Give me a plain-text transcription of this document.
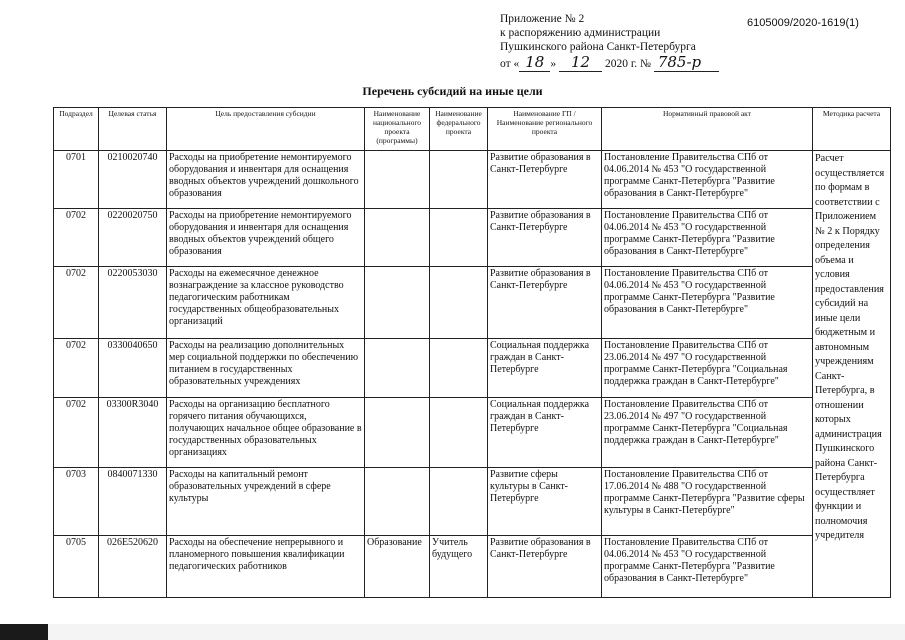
Приложение № 2
к распоряжению администрации
Пушкинского района Санкт-Петербурга
от « 18 » 12 2020 г. № 785-р
6105009/2020-1619(1)
Перечень субсидий на иные цели
Подраздел	Целевая статья	Цель предоставления субсидии	Наименование национального проекта (программы)	Наименование федерального проекта	Наименование ГП / Наименование регионального проекта	Нормативный правовой акт	Методика расчета
0701	0210020740	Расходы на приобретение немонтируемого оборудования и инвентаря для оснащения вводных объектов учреждений дошкольного образования			Развитие образования в Санкт-Петербурге	Постановление Правительства СПб от 04.06.2014 № 453 "О государственной программе Санкт-Петербурга "Развитие образования в Санкт-Петербурге"	Расчет осуществляется по формам в соответствии с Приложением № 2 к Порядку определения объема и условия предоставления субсидий на иные цели бюджетным и автономным учреждениям Санкт-Петербурга, в отношении которых администрация Пушкинского района Санкт-Петербурга осуществляет функции и полномочия учредителя
0702	0220020750	Расходы на приобретение немонтируемого оборудования и инвентаря для оснащения вводных объектов учреждений общего образования			Развитие образования в Санкт-Петербурге	Постановление Правительства СПб от 04.06.2014 № 453 "О государственной программе Санкт-Петербурга "Развитие образования в Санкт-Петербурге"	
0702	0220053030	Расходы на ежемесячное денежное вознаграждение за классное руководство педагогическим работникам государственных общеобразовательных организаций			Развитие образования в Санкт-Петербурге	Постановление Правительства СПб от 04.06.2014 № 453 "О государственной программе Санкт-Петербурга "Развитие образования в Санкт-Петербурге"	
0702	0330040650	Расходы на реализацию дополнительных мер социальной поддержки по обеспечению питанием в государственных образовательных учреждениях			Социальная поддержка граждан в Санкт-Петербурге	Постановление Правительства СПб от 23.06.2014 № 497 "О государственной программе Санкт-Петербурга "Социальная поддержка граждан в Санкт-Петербурге"	
0702	03300R3040	Расходы на организацию бесплатного горячего питания обучающихся, получающих начальное общее образование в государственных образовательных организациях			Социальная поддержка граждан в Санкт-Петербурге	Постановление Правительства СПб от 23.06.2014 № 497 "О государственной программе Санкт-Петербурга "Социальная поддержка граждан в Санкт-Петербурге"	
0703	0840071330	Расходы на капитальный ремонт образовательных учреждений в сфере культуры			Развитие сферы культуры в Санкт-Петербурге	Постановление Правительства СПб от 17.06.2014 № 488 "О государственной программе Санкт-Петербурга "Развитие сферы культуры в Санкт-Петербурге"	
0705	026E520620	Расходы на обеспечение непрерывного и планомерного повышения квалификации педагогических работников	Образование	Учитель будущего	Развитие образования в Санкт-Петербурге	Постановление Правительства СПб от 04.06.2014 № 453 "О государственной программе Санкт-Петербурга "Развитие образования в Санкт-Петербурге"	
